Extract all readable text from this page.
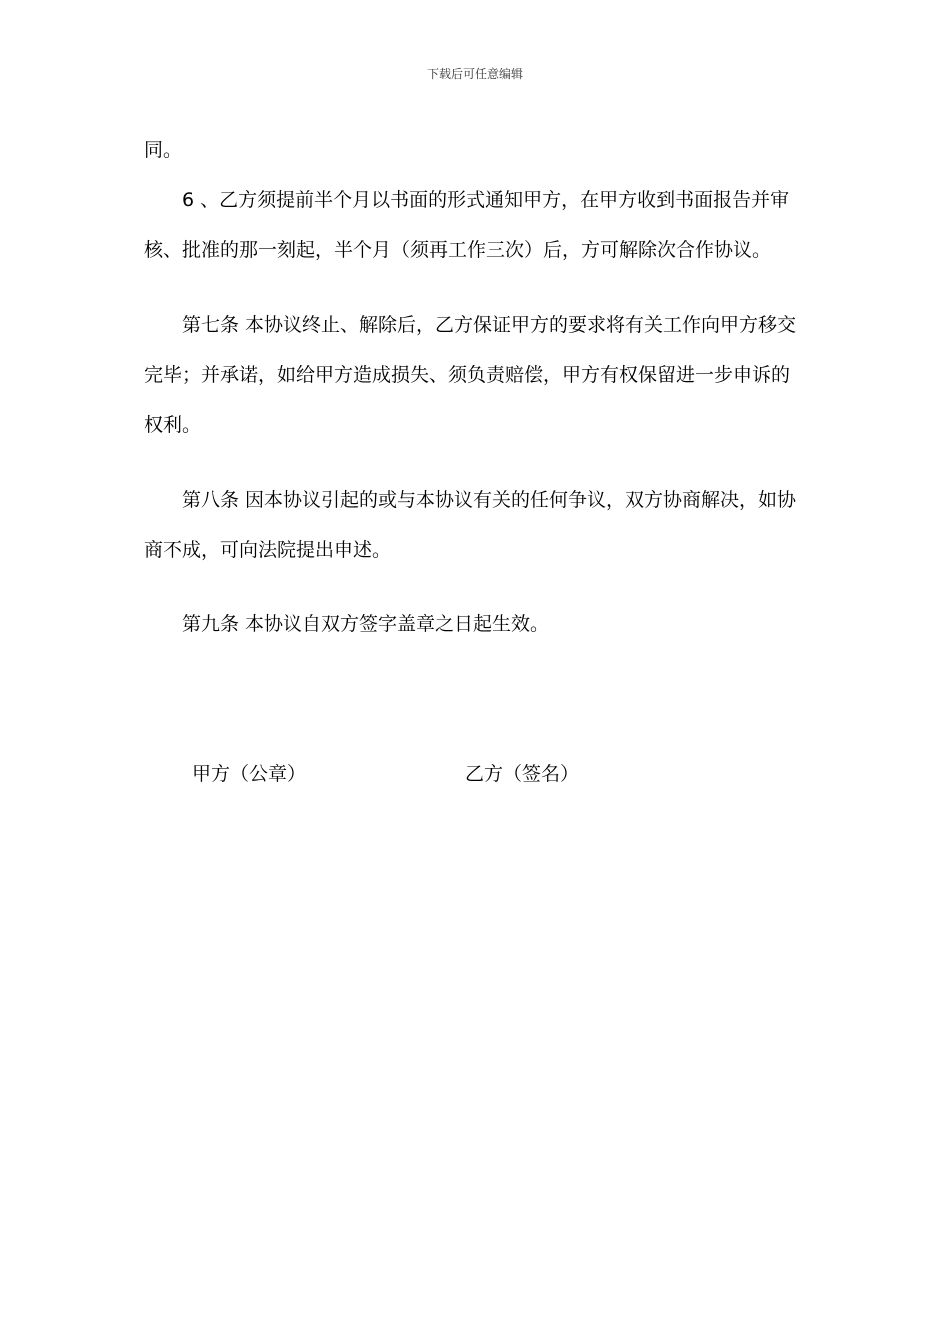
下载后可任意编辑
同。
6 、乙方须提前半个月以书面的形式通知甲方，在甲方收到书面报告并审
核、批准的那一刻起，半个月（须再工作三次）后，方可解除次合作协议。
第七条 本协议终止、解除后，乙方保证甲方的要求将有关工作向甲方移交
完毕；并承诺，如给甲方造成损失、须负责赔偿，甲方有权保留进一步申诉的
权利。
第八条 因本协议引起的或与本协议有关的任何争议，双方协商解决，如协
商不成，可向法院提出申述。
第九条 本协议自双方签字盖章之日起生效。
甲方（公章）	乙方（签名）
